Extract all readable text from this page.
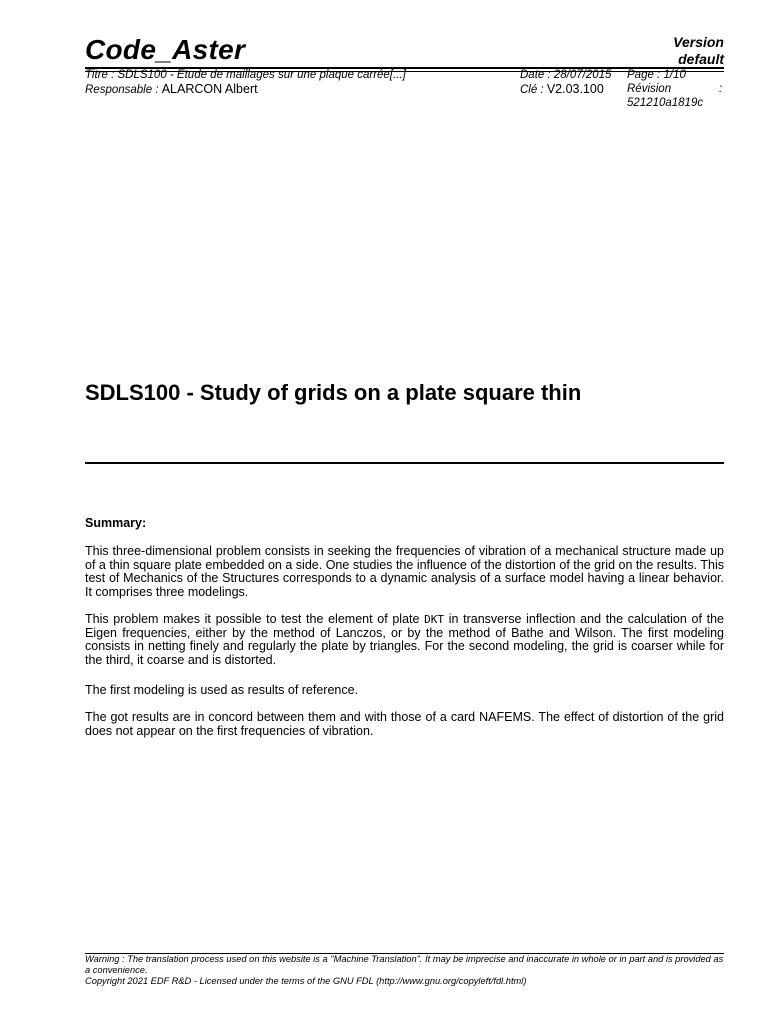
Code_Aster	Version
default
Titre : SDLS100 - Etude de maillages sur une plaque carrée[...]
Responsable : ALARCON Albert
Date : 28/07/2015
Clé : V2.03.100
Page : 1/10
Révision	:
521210a1819c
SDLS100 - Study of grids on a plate square thin
Summary:
This three-dimensional problem consists in seeking the frequencies of vibration of a mechanical structure made up of a thin square plate embedded on a side. One studies the influence of the distortion of the grid on the results. This test of Mechanics of the Structures corresponds to a dynamic analysis of a surface model having a linear behavior. It comprises three modelings.
This problem makes it possible to test the element of plate DKT in transverse inflection and the calculation of the Eigen frequencies, either by the method of Lanczos, or by the method of Bathe and Wilson. The first modeling consists in netting finely and regularly the plate by triangles. For the second modeling, the grid is coarser while for the third, it coarse and is distorted.
The first modeling is used as results of reference.
The got results are in concord between them and with those of a card NAFEMS. The effect of distortion of the grid does not appear on the first frequencies of vibration.
Warning : The translation process used on this website is a "Machine Translation". It may be imprecise and inaccurate in whole or in part and is provided as a convenience.
Copyright 2021 EDF R&D - Licensed under the terms of the GNU FDL (http://www.gnu.org/copyleft/fdl.html)
